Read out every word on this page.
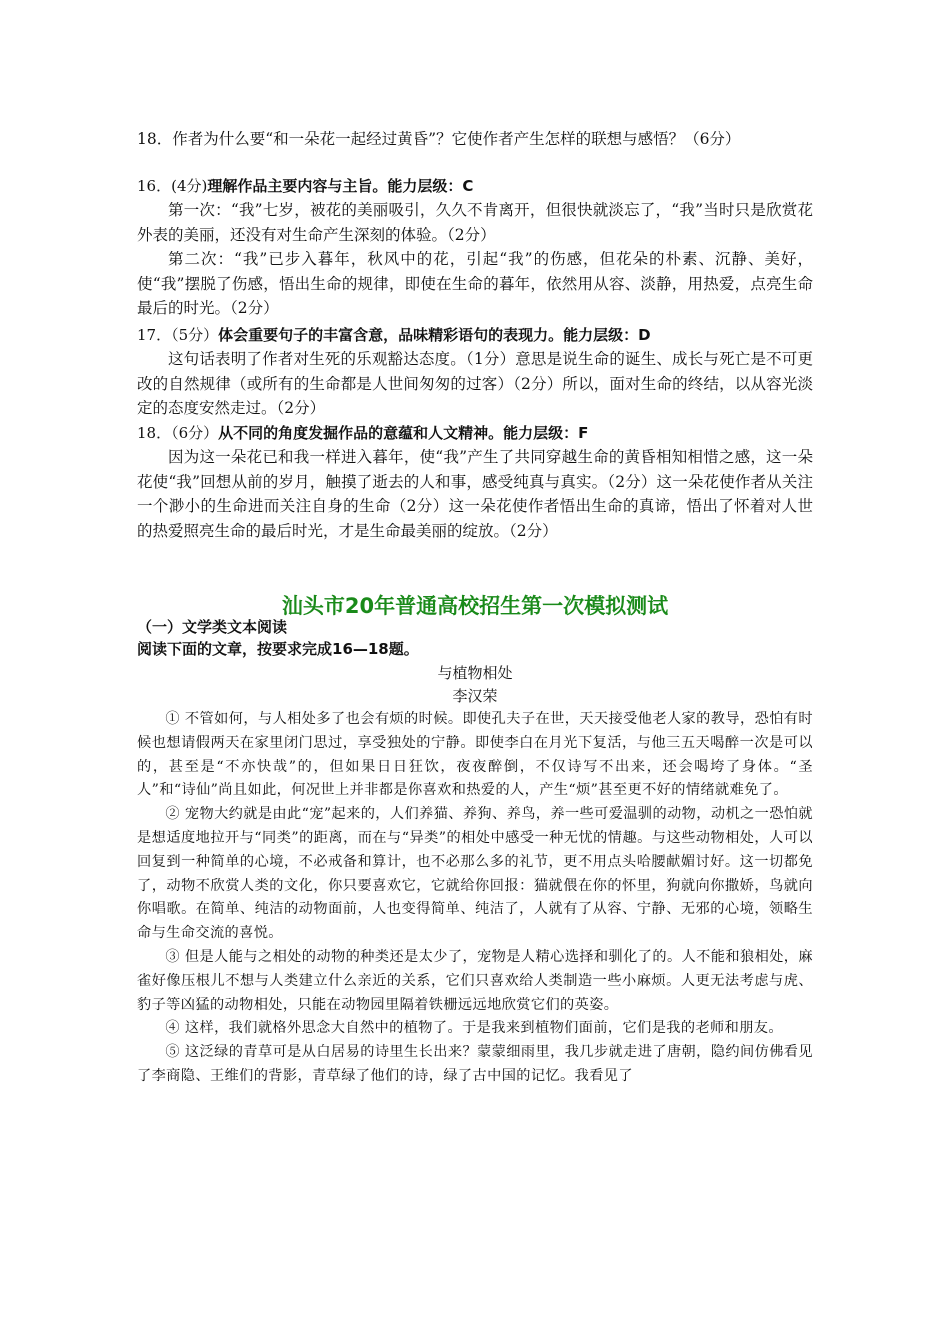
18．作者为什么要“和一朵花一起经过黄昏”？它使作者产生怎样的联想与感悟？（6分）

16．(4分)理解作品主要内容与主旨。能力层级：C

第一次：“我”七岁，被花的美丽吸引，久久不肯离开，但很快就淡忘了，“我”当时只是欣赏花外表的美丽，还没有对生命产生深刻的体验。（2分）

第二次：“我”已步入暮年，秋风中的花，引起“我”的伤感，但花朵的朴素、沉静、美好，使“我”摆脱了伤感，悟出生命的规律，即使在生命的暮年，依然用从容、淡静，用热爱，点亮生命最后的时光。（2分）

17．（5分）体会重要句子的丰富含意，品味精彩语句的表现力。能力层级：D

这句话表明了作者对生死的乐观豁达态度。（1分）意思是说生命的诞生、成长与死亡是不可更改的自然规律（或所有的生命都是人世间匆匆的过客）（2分）所以，面对生命的终结，以从容光淡定的态度安然走过。（2分）

18．（6分）从不同的角度发掘作品的意蕴和人文精神。能力层级：F

因为这一朵花已和我一样进入暮年，使“我”产生了共同穿越生命的黄昏相知相惜之感，这一朵花使“我”回想从前的岁月，触摸了逝去的人和事，感受纯真与真实。（2分）这一朵花使作者从关注一个渺小的生命进而关注自身的生命（2分）这一朵花使作者悟出生命的真谛，悟出了怀着对人世的热爱照亮生命的最后时光，才是生命最美丽的绽放。（2分）

汕头市20年普通高校招生第一次模拟测试

（一）文学类文本阅读

阅读下面的文章，按要求完成16—18题。

与植物相处

李汉荣

① 不管如何，与人相处多了也会有烦的时候。即使孔夫子在世，天天接受他老人家的教导，恐怕有时候也想请假两天在家里闭门思过，享受独处的宁静。即使李白在月光下复活，与他三五天喝醉一次是可以的，甚至是“不亦快哉”的，但如果日日狂饮，夜夜醉倒，不仅诗写不出来，还会喝垮了身体。“圣人”和“诗仙”尚且如此，何况世上并非都是你喜欢和热爱的人，产生“烦”甚至更不好的情绪就难免了。

② 宠物大约就是由此“宠”起来的，人们养猫、养狗、养鸟，养一些可爱温驯的动物，动机之一恐怕就是想适度地拉开与“同类”的距离，而在与“异类”的相处中感受一种无忧的情趣。与这些动物相处，人可以回复到一种简单的心境，不必戒备和算计，也不必那么多的礼节，更不用点头哈腰献媚讨好。这一切都免了，动物不欣赏人类的文化，你只要喜欢它，它就给你回报：猫就偎在你的怀里，狗就向你撒娇，鸟就向你唱歌。在简单、纯洁的动物面前，人也变得简单、纯洁了，人就有了从容、宁静、无邪的心境，领略生命与生命交流的喜悦。

③ 但是人能与之相处的动物的种类还是太少了，宠物是人精心选择和驯化了的。人不能和狼相处，麻雀好像压根儿不想与人类建立什么亲近的关系，它们只喜欢给人类制造一些小麻烦。人更无法考虑与虎、豹子等凶猛的动物相处，只能在动物园里隔着铁栅远远地欣赏它们的英姿。

④ 这样，我们就格外思念大自然中的植物了。于是我来到植物们面前，它们是我的老师和朋友。

⑤ 这泛绿的青草可是从白居易的诗里生长出来？蒙蒙细雨里，我几步就走进了唐朝，隐约间仿佛看见了李商隐、王维们的背影，青草绿了他们的诗，绿了古中国的记忆。我看见了
